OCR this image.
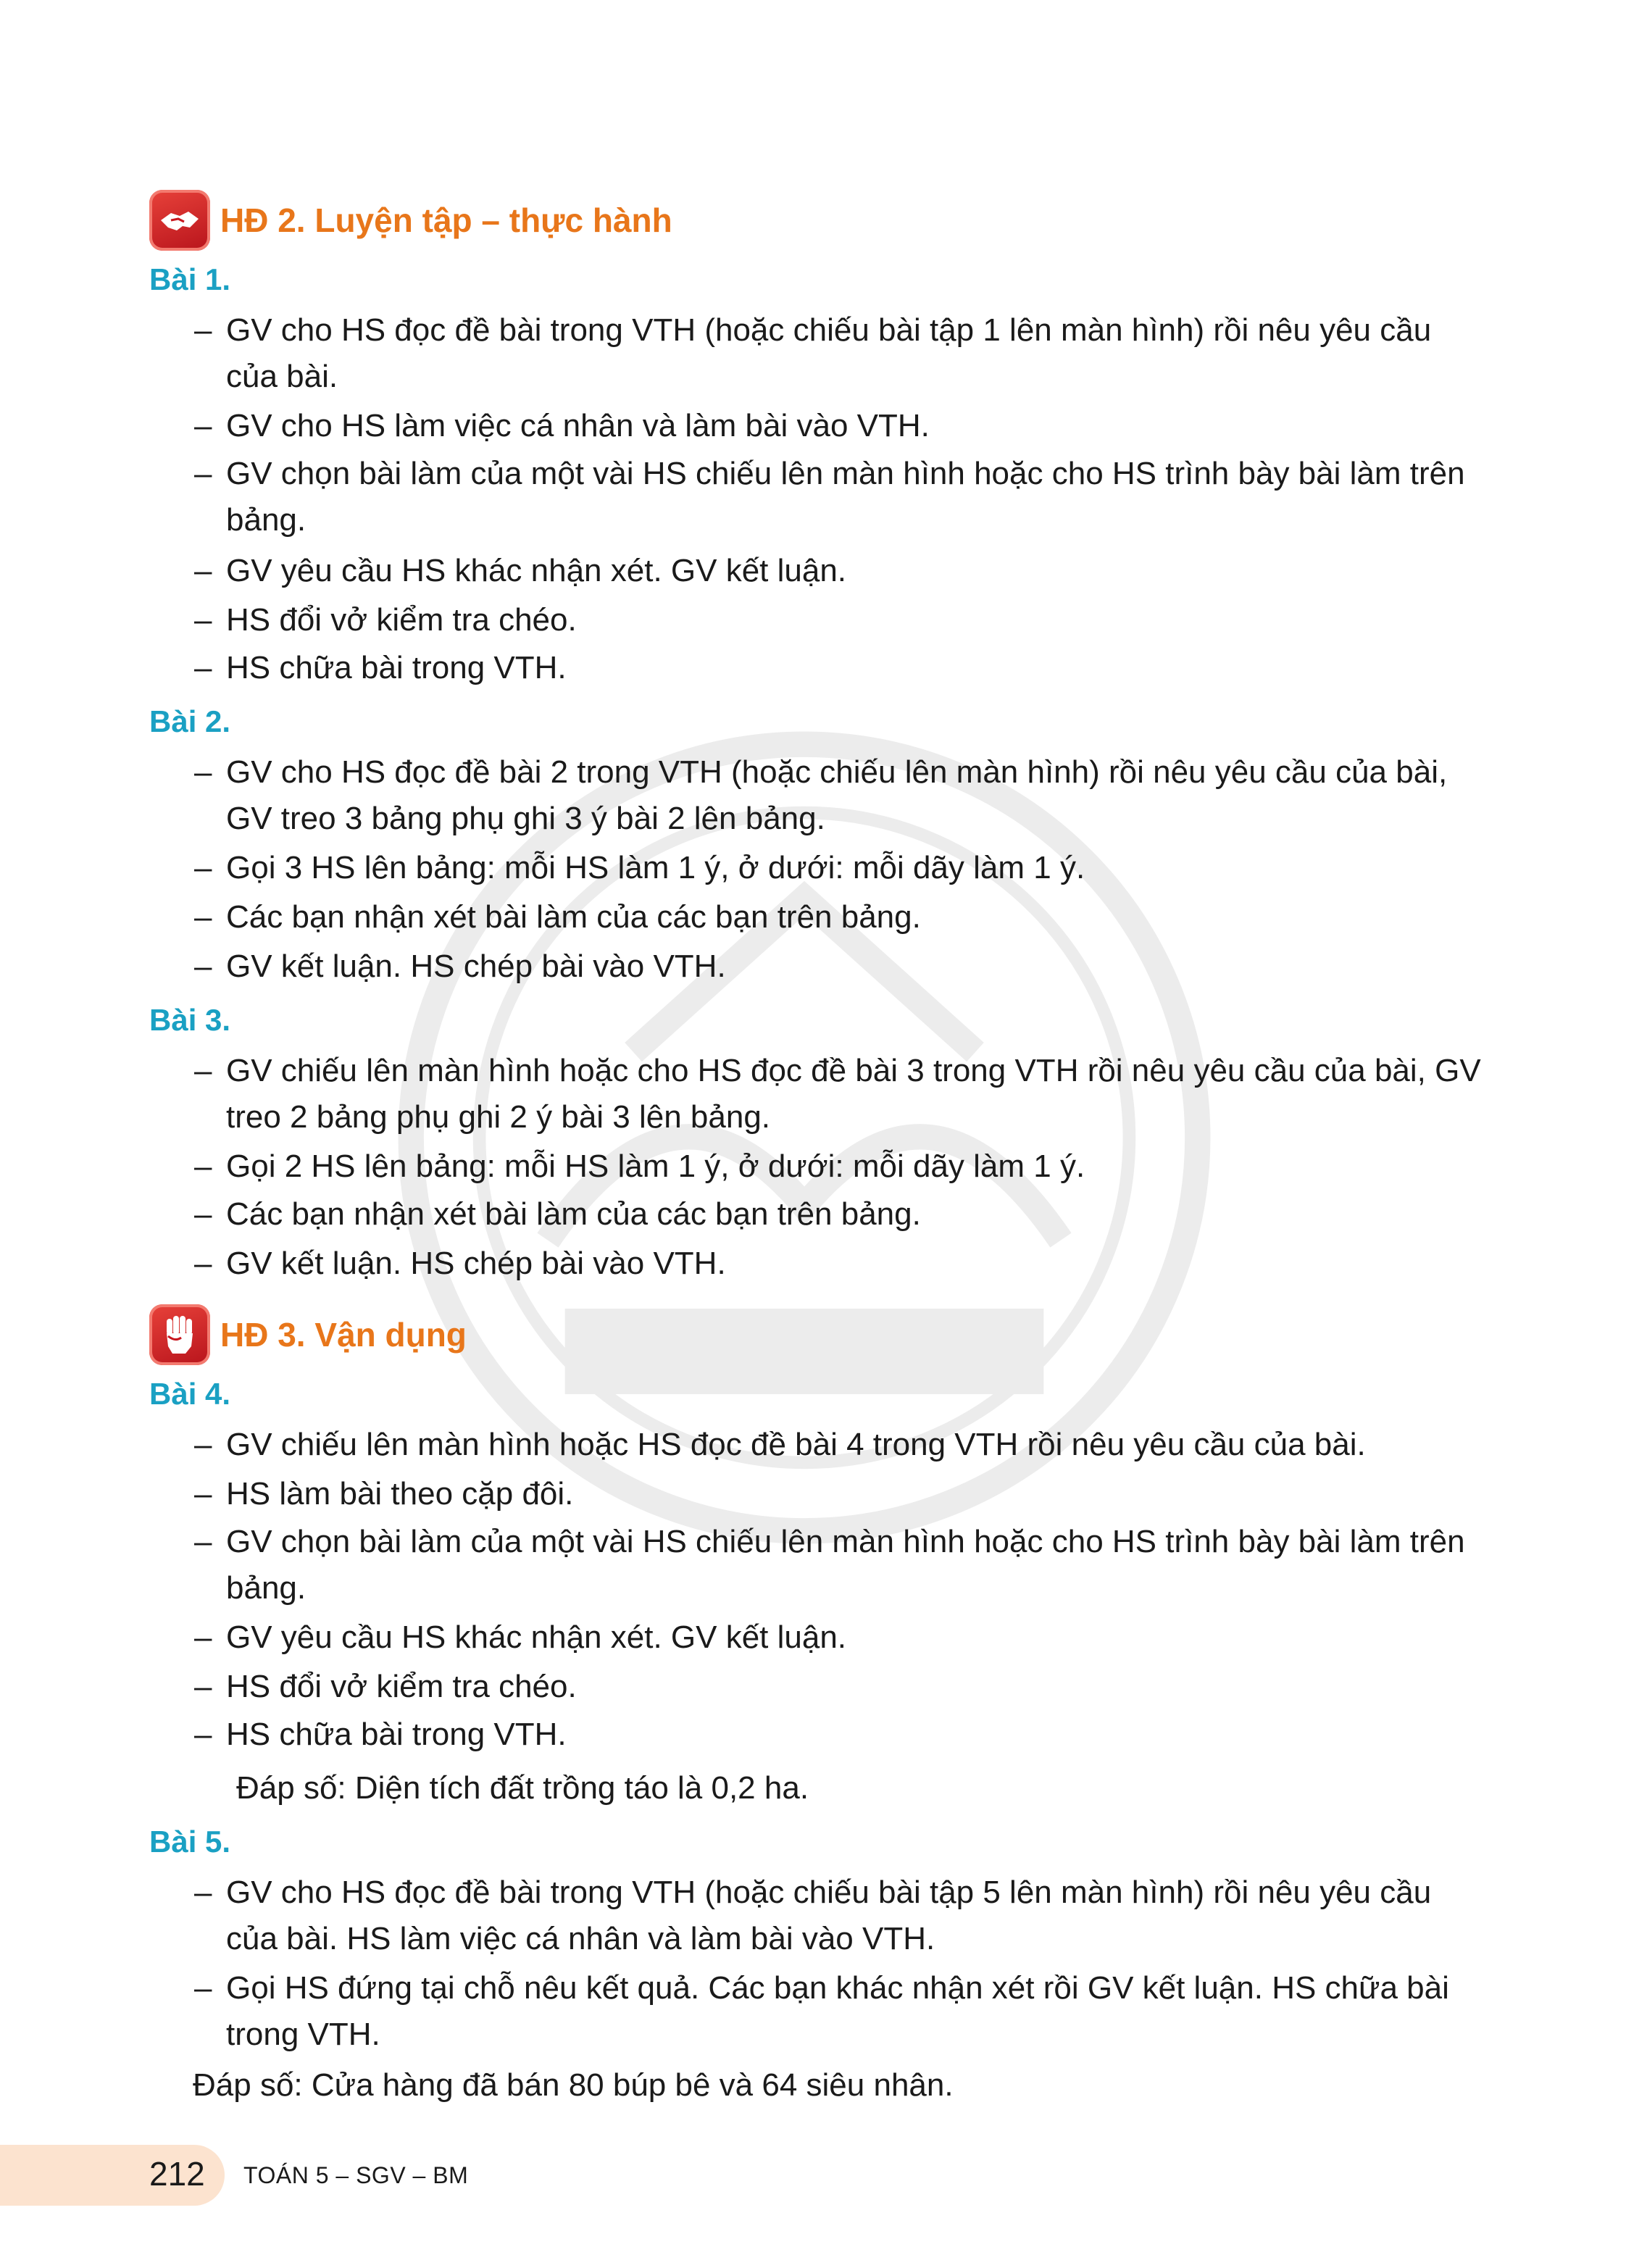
HĐ 2. Luyện tập – thực hành
Bài 1.
– GV cho HS đọc đề bài trong VTH (hoặc chiếu bài tập 1 lên màn hình) rồi nêu yêu cầu của bài.
– GV cho HS làm việc cá nhân và làm bài vào VTH.
– GV chọn bài làm của một vài HS chiếu lên màn hình hoặc cho HS trình bày bài làm trên bảng.
– GV yêu cầu HS khác nhận xét. GV kết luận.
– HS đổi vở kiểm tra chéo.
– HS chữa bài trong VTH.
Bài 2.
– GV cho HS đọc đề bài 2 trong VTH (hoặc chiếu lên màn hình) rồi nêu yêu cầu của bài, GV treo 3 bảng phụ ghi 3 ý bài 2 lên bảng.
– Gọi 3 HS lên bảng: mỗi HS làm 1 ý, ở dưới: mỗi dãy làm 1 ý.
– Các bạn nhận xét bài làm của các bạn trên bảng.
– GV kết luận. HS chép bài vào VTH.
Bài 3.
– GV chiếu lên màn hình hoặc cho HS đọc đề bài 3 trong VTH rồi nêu yêu cầu của bài, GV treo 2 bảng phụ ghi 2 ý bài 3 lên bảng.
– Gọi 2 HS lên bảng: mỗi HS làm 1 ý, ở dưới: mỗi dãy làm 1 ý.
– Các bạn nhận xét bài làm của các bạn trên bảng.
– GV kết luận. HS chép bài vào VTH.
HĐ 3. Vận dụng
Bài 4.
– GV chiếu lên màn hình hoặc HS đọc đề bài 4 trong VTH rồi nêu yêu cầu của bài.
– HS làm bài theo cặp đôi.
– GV chọn bài làm của một vài HS chiếu lên màn hình hoặc cho HS trình bày bài làm trên bảng.
– GV yêu cầu HS khác nhận xét. GV kết luận.
– HS đổi vở kiểm tra chéo.
– HS chữa bài trong VTH.
Đáp số: Diện tích đất trồng táo là 0,2 ha.
Bài 5.
– GV cho HS đọc đề bài trong VTH (hoặc chiếu bài tập 5 lên màn hình) rồi nêu yêu cầu của bài. HS làm việc cá nhân và làm bài vào VTH.
– Gọi HS đứng tại chỗ nêu kết quả. Các bạn khác nhận xét rồi GV kết luận. HS chữa bài trong VTH.
Đáp số: Cửa hàng đã bán 80 búp bê và 64 siêu nhân.
212 TOÁN 5 – SGV – BM
